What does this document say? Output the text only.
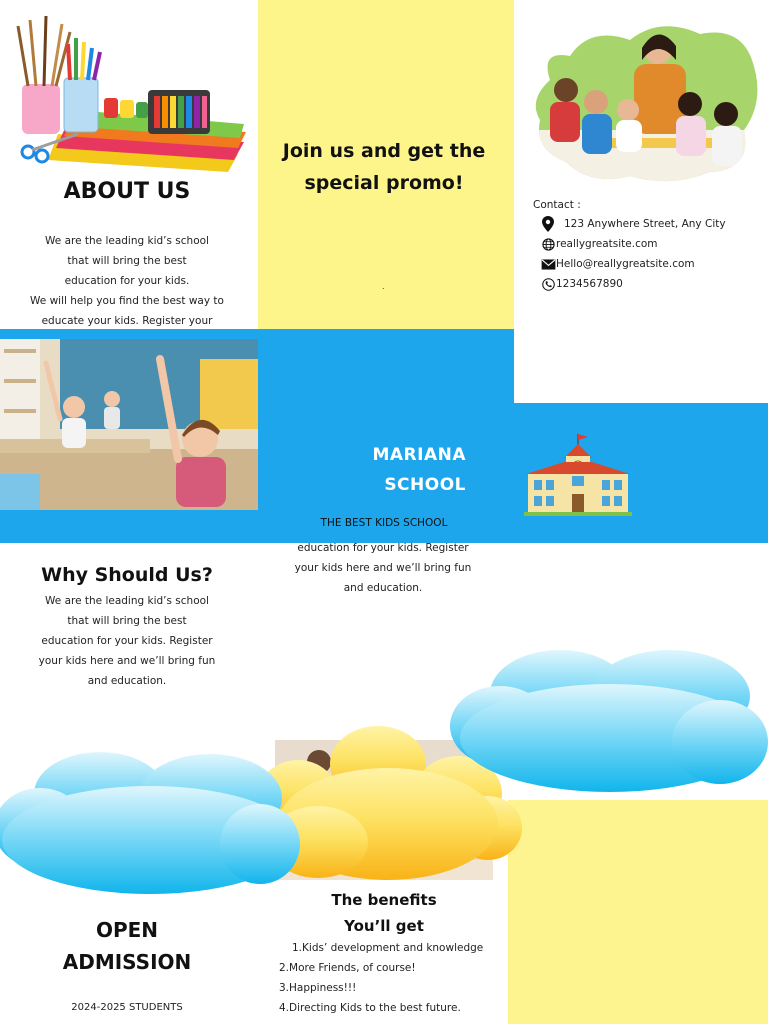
ABOUT US
We are the leading kid’s school
that will bring the best
education for your kids.
We will help you find the best way to
educate your kids. Register your
Why Should Us?
We are the leading kid’s school
that will bring the best
education for your kids. Register
your kids here and we’ll bring fun
and education.
OPEN
ADMISSION
2024-2025 STUDENTS
Join us and get the
special promo!
.
education for your kids. Register
your kids here and we’ll bring fun
and education.
The benefits
You’ll get
1.Kids’ development and knowledge
2.More Friends, of course!
3.Happiness!!!
4.Directing Kids to the best future.
Contact :
123 Anywhere Street, Any City
reallygreatsite.com
Hello@reallygreatsite.com
1234567890
MARIANA
SCHOOL
THE BEST KIDS SCHOOL
